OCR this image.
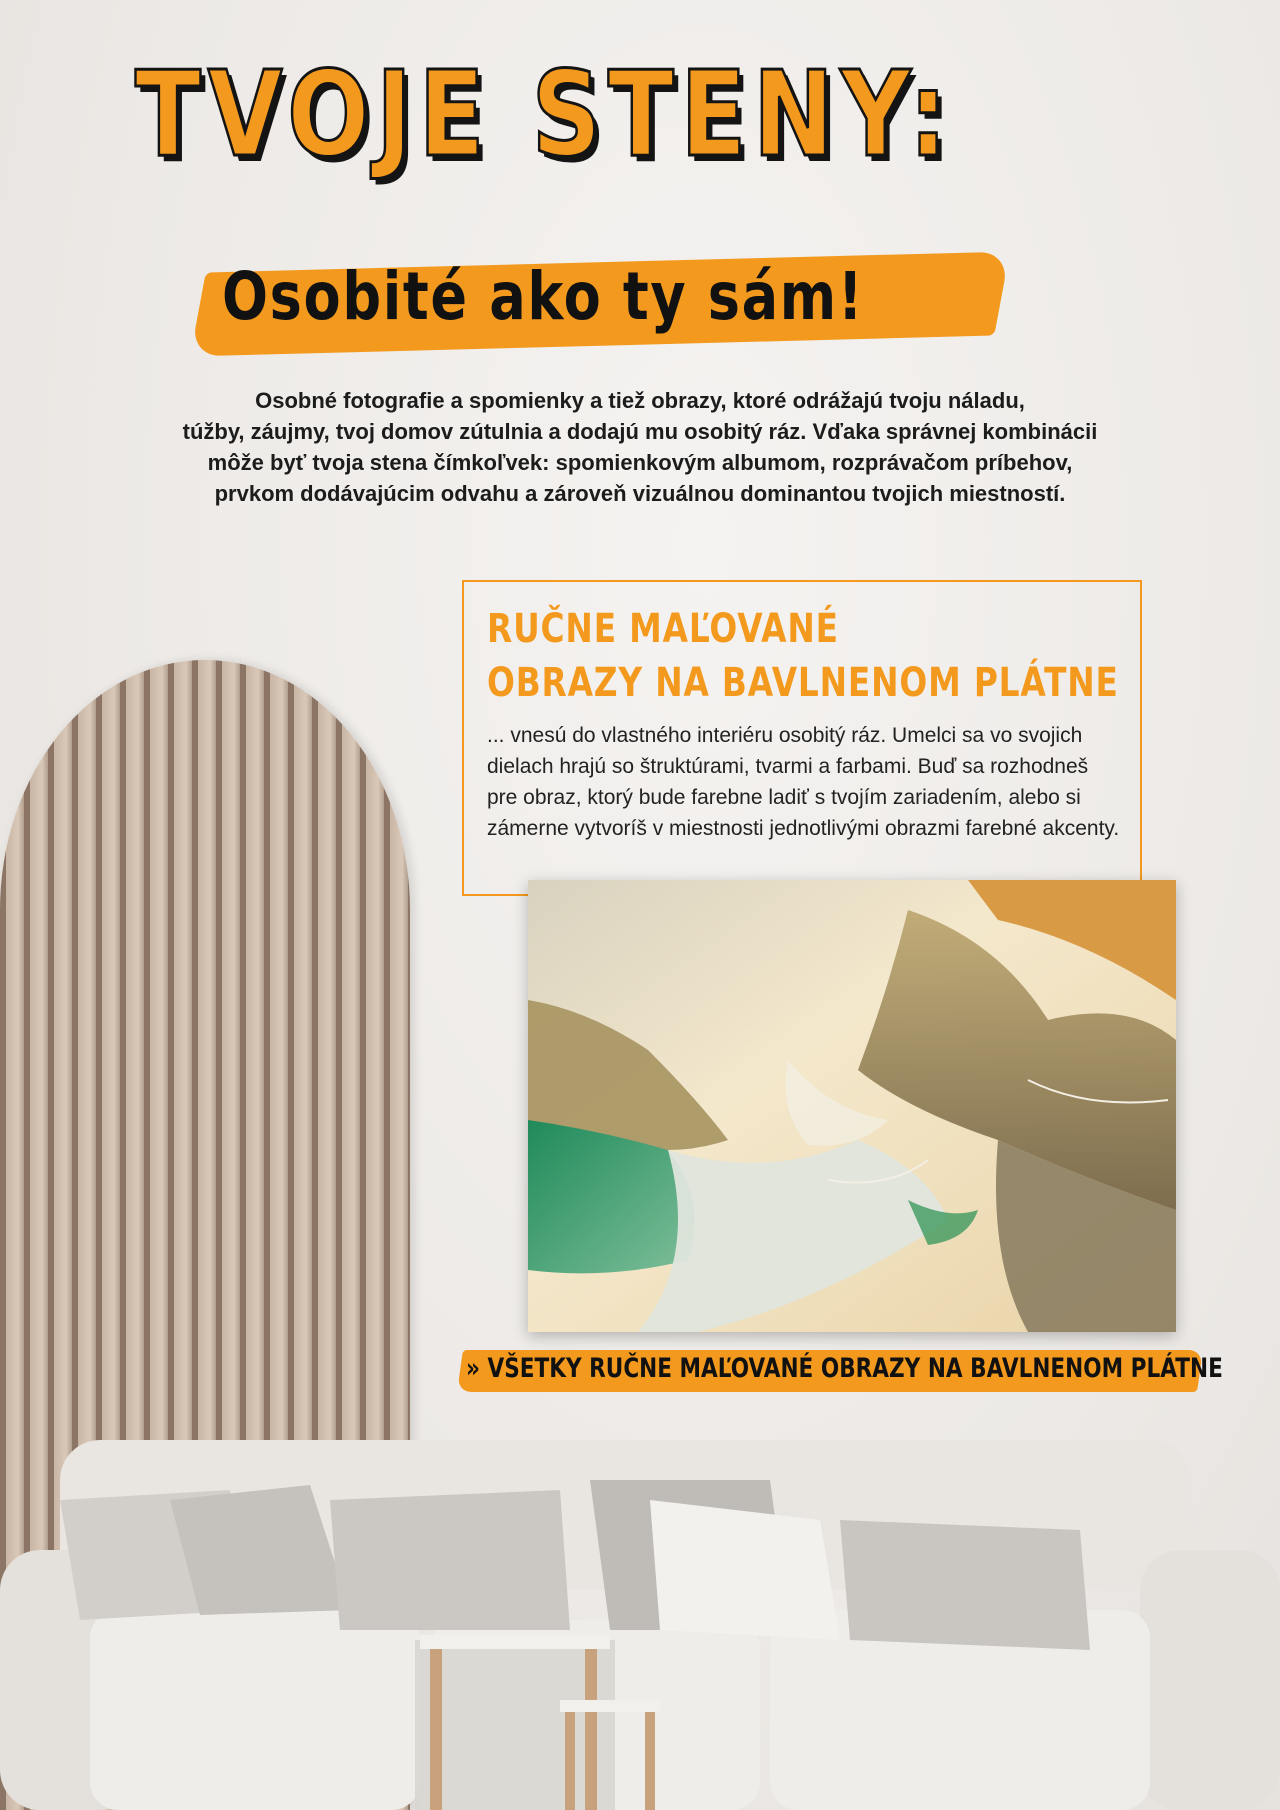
TVOJE STENY:
Osobité ako ty sám!

Osobné fotografie a spomienky a tiež obrazy, ktoré odrážajú tvoju náladu,
túžby, záujmy, tvoj domov zútulnia a dodajú mu osobitý ráz. Vďaka správnej kombinácii
môže byť tvoja stena čímkoľvek: spomienkovým albumom, rozprávačom príbehov,
prvkom dodávajúcim odvahu a zároveň vizuálnou dominantou tvojich miestností.

RUČNE MAĽOVANÉ
OBRAZY NA BAVLNENOM PLÁTNE

... vnesú do vlastného interiéru osobitý ráz. Umelci sa vo svojich
dielach hrajú so štruktúrami, tvarmi a farbami. Buď sa rozhodneš
pre obraz, ktorý bude farebne ladiť s tvojím zariadením, alebo si
zámerne vytvoríš v miestnosti jednotlivými obrazmi farebné akcenty.

» VŠETKY RUČNE MAĽOVANÉ OBRAZY NA BAVLNENOM PLÁTNE
